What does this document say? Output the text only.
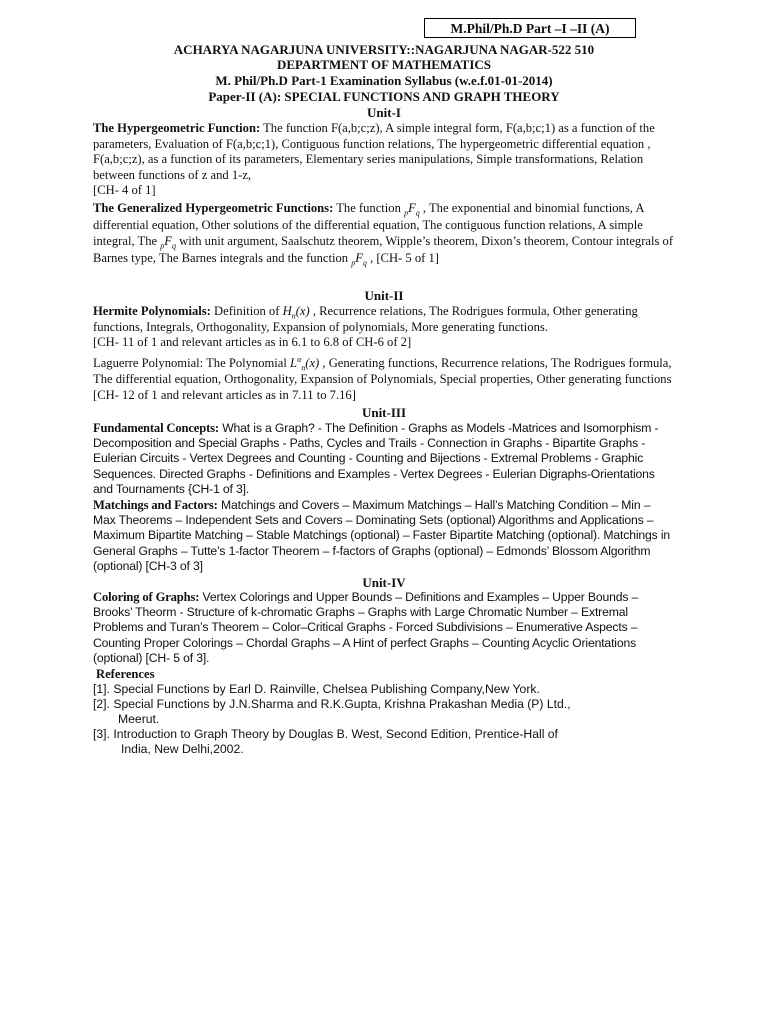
M.Phil/Ph.D Part –I –II (A)
ACHARYA NAGARJUNA UNIVERSITY::NAGARJUNA NAGAR-522 510
DEPARTMENT OF MATHEMATICS
M. Phil/Ph.D Part-1 Examination Syllabus (w.e.f.01-01-2014)
Paper-II (A): SPECIAL FUNCTIONS AND GRAPH THEORY
Unit-I

The Hypergeometric Function: The function F(a,b;c;z), A simple integral form, F(a,b;c;1) as a function of the parameters, Evaluation of F(a,b;c;1), Contiguous function relations, The hypergeometric differential equation , F(a,b;c;z), as a function of its parameters, Elementary series manipulations, Simple transformations, Relation between functions of z and 1-z,

[CH- 4 of 1]

The Generalized Hypergeometric Functions: The function $_pF_q$ , The exponential and binomial functions, A differential equation, Other solutions of the differential equation, The contiguous function relations, A simple integral, The $_pF_q$ with unit argument, Saalschutz theorem, Wipple’s theorem, Dixon’s theorem, Contour integrals of Barnes type, The Barnes integrals and the function $_pF_q$ , [CH- 5 of 1]

Unit-II

Hermite Polynomials: Definition of $H_n(x)$ , Recurrence relations, The Rodrigues formula, Other generating functions, Integrals, Orthogonality, Expansion of polynomials, More generating functions.

[CH- 11 of 1 and relevant articles as in 6.1 to 6.8 of CH-6 of 2]

Laguerre Polynomial: The Polynomial $L^\alpha_n(x)$ , Generating functions, Recurrence relations, The Rodrigues formula, The differential equation, Orthogonality, Expansion of Polynomials, Special properties, Other generating functions [CH- 12 of 1 and relevant articles as in 7.11 to 7.16]

Unit-III

Fundamental Concepts: What is a Graph? - The Definition - Graphs as Models -Matrices and Isomorphism - Decomposition and Special Graphs - Paths, Cycles and Trails - Connection in Graphs - Bipartite Graphs - Eulerian Circuits - Vertex Degrees and Counting - Counting and Bijections - Extremal Problems - Graphic Sequences. Directed Graphs - Definitions and Examples - Vertex Degrees - Eulerian Digraphs-Orientations and Tournaments {CH-1 of 3].

Matchings and Factors: Matchings and Covers – Maximum Matchings – Hall’s Matching Condition – Min – Max Theorems – Independent Sets and Covers – Dominating Sets (optional) Algorithms and Applications – Maximum Bipartite Matching – Stable Matchings (optional) – Faster Bipartite Matching (optional). Matchings in General Graphs – Tutte’s 1-factor Theorem – f-factors of Graphs (optional) – Edmonds’ Blossom Algorithm (optional) [CH-3 of 3]

Unit-IV

Coloring of Graphs: Vertex Colorings and Upper Bounds – Definitions and Examples – Upper Bounds – Brooks’ Theorm - Structure of k-chromatic Graphs – Graphs with Large Chromatic Number – Extremal Problems and Turan’s Theorem – Color–Critical Graphs - Forced Subdivisions – Enumerative Aspects – Counting Proper Colorings – Chordal Graphs – A Hint of perfect Graphs – Counting Acyclic Orientations (optional) [CH- 5 of 3].

References
[1]. Special Functions by Earl D. Rainville, Chelsea Publishing Company,New York.
[2]. Special Functions by J.N.Sharma and R.K.Gupta, Krishna Prakashan Media (P) Ltd.,
Meerut.
[3]. Introduction to Graph Theory by Douglas B. West, Second Edition, Prentice-Hall of
India, New Delhi,2002.
